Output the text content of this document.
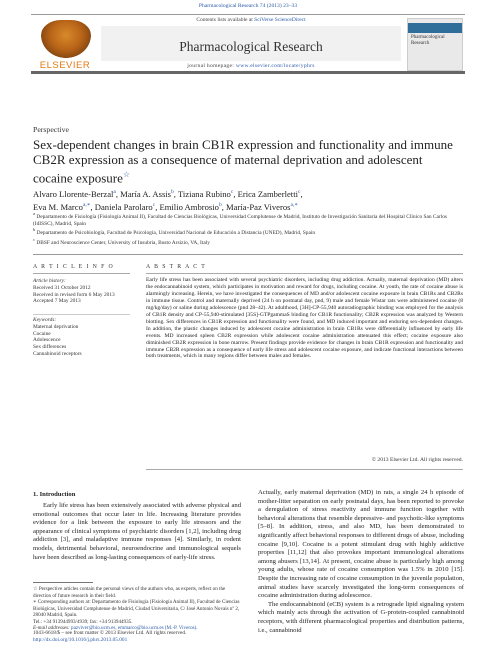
Pharmacological Research 74 (2013) 23–33
ELSEVIER
Contents lists available at SciVerse ScienceDirect
Pharmacological Research
journal homepage: www.elsevier.com/locate/yphrs
Pharmacological Research
Perspective
Sex-dependent changes in brain CB1R expression and functionality and immune CB2R expression as a consequence of maternal deprivation and adolescent cocaine exposure☆
Alvaro Llorente-Berzal$^a$, María A. Assis$^b$, Tiziana Rubino$^c$, Erica Zamberletti$^c$,
Eva M. Marco$^{a,∗}$, Daniela Parolaro$^c$, Emilio Ambrosio$^b$, María-Paz Viveros$^{a,∗}$

$^a$ Departamento de Fisiología (Fisiología Animal II), Facultad de Ciencias Biológicas, Universidad Complutense de Madrid, Instituto de Investigación Sanitaria del Hospital Clínico San Carlos (IdISSC), Madrid, Spain

$^b$ Departamento de Psicobiología, Facultad de Psicología, Universidad Nacional de Educación a Distancia (UNED), Madrid, Spain

$^c$ DBSF and Neuroscience Center, University of Insubria, Busto Arsizio, VA, Italy

A R T I C L E I N F O

Article history:

Received 31 October 2012

Received in revised form 6 May 2013

Accepted 7 May 2013

Keywords:

Maternal deprivation

Cocaine

Adolescence

Sex differences

Cannabinoid receptors

A B S T R A C T
Early life stress has been associated with several psychiatric disorders, including drug addiction. Actually, maternal deprivation (MD) alters the endocannabinoid system, which participates in motivation and reward for drugs, including cocaine. At youth, the rate of cocaine abuse is alarmingly increasing. Herein, we have investigated the consequences of MD and/or adolescent cocaine exposure in brain CB1Rs and CB2Rs in immune tissue. Control and maternally deprived (24 h on postnatal day, pnd, 9) male and female Wistar rats were administered cocaine (8 mg/kg/day) or saline during adolescence (pnd 28–42). At adulthood, [3H]-CP-55,940 autoradiographic binding was employed for the analysis of CB1R density and CP-55,940-stimulated [35S]-GTPgammaS binding for CB1R functionality; CB2R expression was analyzed by Western blotting. Sex differences in CB1R expression and functionality were found, and MD induced important and enduring sex-dependent changes. In addition, the plastic changes induced by adolescent cocaine administration in brain CB1Rs were differentially influenced by early life events. MD increased spleen CB2R expression while adolescent cocaine administration attenuated this effect; cocaine exposure also diminished CB2R expression in bone marrow. Present findings provide evidence for changes in brain CB1R expression and functionality and immune CB2R expression as a consequence of early life stress and adolescent cocaine exposure, and indicate functional interactions between both treatments, which in many regions differ between males and females.
© 2013 Elsevier Ltd. All rights reserved.
1. Introduction

Early life stress has been extensively associated with adverse physical and emotional outcomes that occur later in life. Increasing literature provides evidence for a link between the exposure to early life stressors and the appearance of clinical symptoms of psychiatric disorders [1,2], including drug addiction [3], and maladaptive immune responses [4]. Similarly, in rodent models, detrimental behavioral, neuroendocrine and immunological sequels have been described as long-lasting consequences of early-life stress.

Actually, early maternal deprivation (MD) in rats, a single 24 h episode of mother-litter separation on early postnatal days, has been reported to provoke a deregulation of stress reactivity and immune function together with behavioral alterations that resemble depressive- and psychotic-like symptoms [5–8]. In addition, stress, and also MD, has been demonstrated to significantly affect behavioral responses to different drugs of abuse, including cocaine [9,10]. Cocaine is a potent stimulant drug with highly addictive properties [11,12] that also provokes important immunological alterations among abusers [13,14]. At present, cocaine abuse is particularly high among young adults, whose rate of cocaine consumption was 1.5% in 2010 [15]. Despite the increasing rate of cocaine consumption in the juvenile population, animal studies have scarcely investigated the long-term consequences of cocaine administration during adolescence.

The endocannabinoid (eCB) system is a retrograde lipid signaling system which mainly acts through the activation of G-protein-coupled cannabinoid receptors, with different pharmacological properties and distribution patterns, i.e., cannabinoid

☆ Perspective articles contain the personal views of the authors who, as experts, reflect on the direction of future research in their field.

∗ Corresponding authors at: Departamento de Fisiología (Fisiología Animal II), Facultad de Ciencias Biológicas, Universidad Complutense de Madrid, Ciudad Universitaria, C/ José Antonio Novais nº 2, 28040 Madrid, Spain.

Tel.: +34 913944993/4939; fax: +34 913944935.

E-mail addresses: pazviver@bio.ucm.es, emmarco@bio.ucm.es (M.-P. Viveros).

1043-6618/$ – see front matter © 2013 Elsevier Ltd. All rights reserved.

http://dx.doi.org/10.1016/j.phrs.2013.05.001
